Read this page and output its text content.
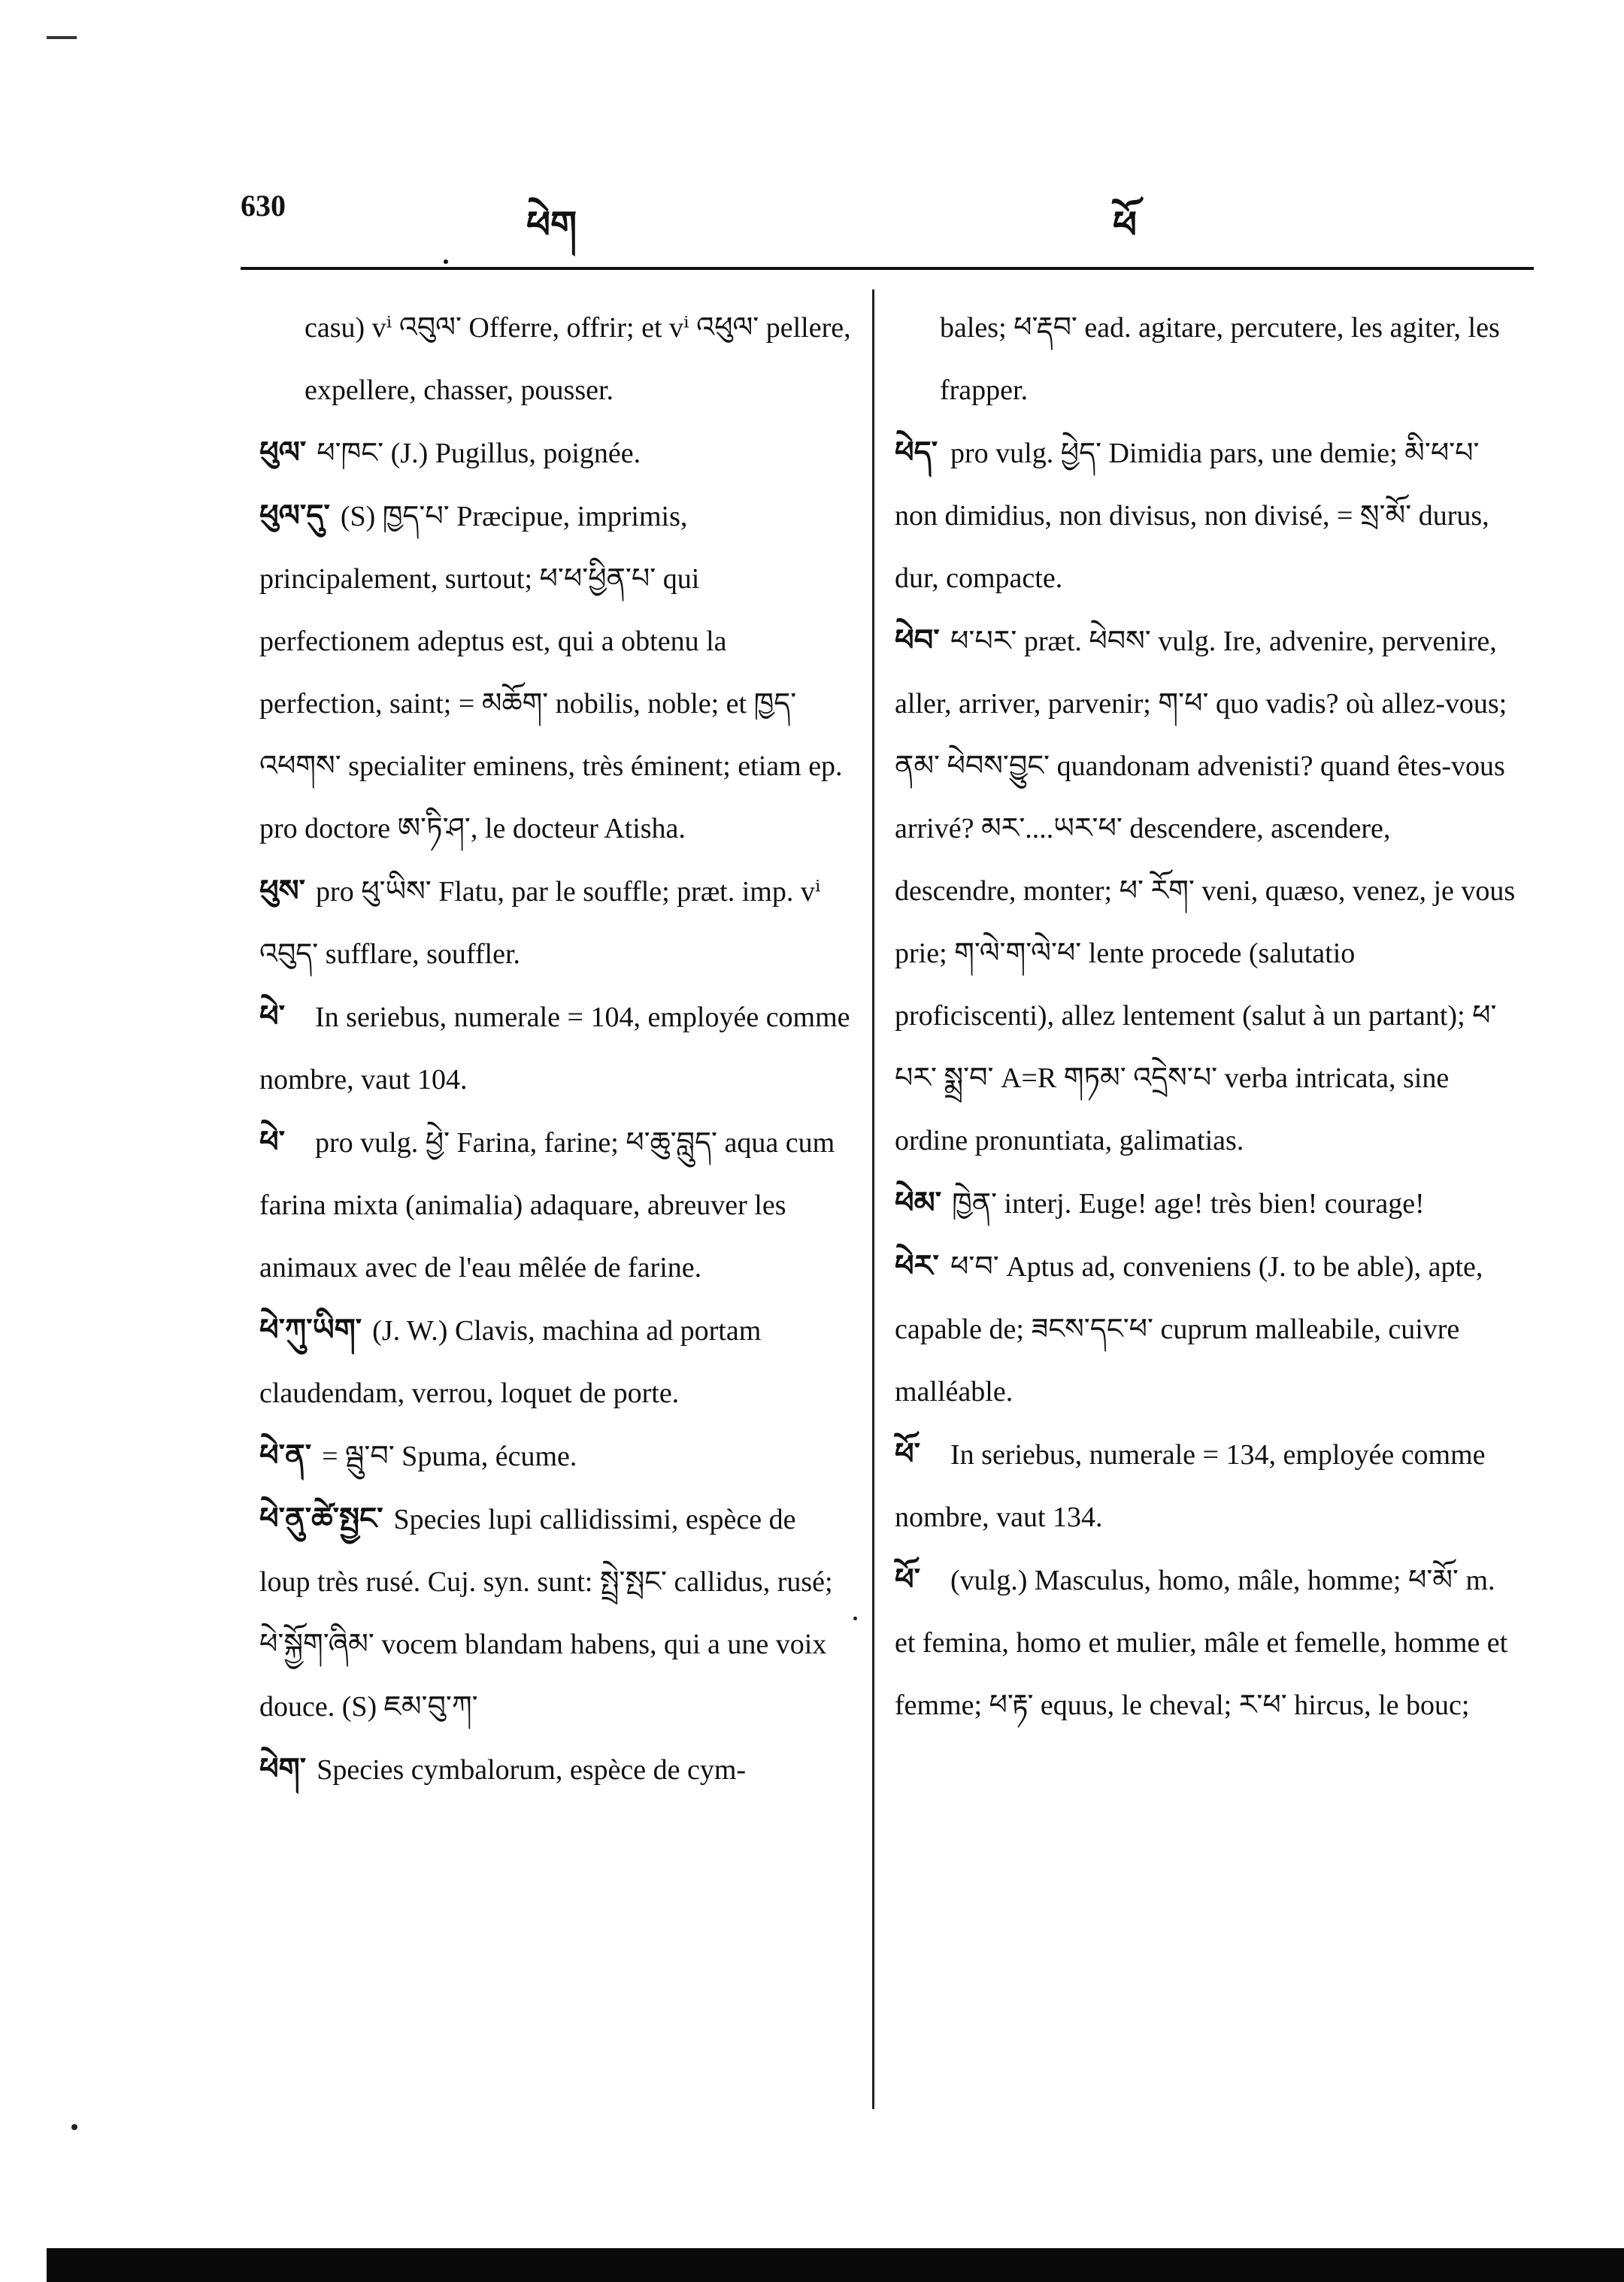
630	ཕེག	ཕོ

casu) vⁱ འབུལ་ Offerre, offrir; et vⁱ འཕུལ་ pellere, expellere, chasser, pousser.

ཕུལ་ ཕ་ཁང་ (J.) Pugillus, poignée.

ཕུལ་དུ་ (S) ཁྱད་པ་ Præcipue, imprimis, principalement, surtout; ཕ་ཕ་ཕྱིན་པ་ qui perfectionem adeptus est, qui a obtenu la perfection, saint; = མཆོག་ nobilis, noble; et ཁྱད་འཕགས་ specialiter eminens, très éminent; etiam ep. pro doctore ཨ་ཏི་ཤ་, le docteur Atisha.

ཕུས་ pro ཕུ་ཡིས་ Flatu, par le souffle; præt. imp. vⁱ འབུད་ sufflare, souffler.

ཕེ་ In seriebus, numerale = 104, employée comme nombre, vaut 104.

ཕེ་ pro vulg. ཕྱེ་ Farina, farine; ཕ་ཆུ་བླུད་ aqua cum farina mixta (animalia) adaquare, abreuver les animaux avec de l'eau mêlée de farine.

ཕེ་ཀུ་ཡིག་ (J. W.) Clavis, machina ad portam claudendam, verrou, loquet de porte.

ཕེ་ན་ = ལྦུ་བ་ Spuma, écume.

ཕེ་ནུ་ཚེ་སྤྱང་ Species lupi callidissimi, espèce de loup très rusé. Cuj. syn. sunt: སྤྲེ་སྤང་ callidus, rusé; ཕེ་སྐྱོག་ཞིམ་ vocem blandam habens, qui a une voix douce. (S) ཇམ་བུ་ཀ་

ཕེག་ Species cymbalorum, espèce de cym-

bales; ཕ་རྡབ་ ead. agitare, percutere, les agiter, les frapper.

ཕེད་ pro vulg. ཕྱེད་ Dimidia pars, une demie; མི་ཕ་པ་ non dimidius, non divisus, non divisé, = སྲ་མོ་ durus, dur, compacte.

ཕེབ་ ཕ་པར་ præt. ཕེབས་ vulg. Ire, advenire, pervenire, aller, arriver, parvenir; ག་ཕ་ quo vadis? où allez-vous; ནམ་ ཕེབས་བྱུང་ quandonam advenisti? quand êtes-vous arrivé? མར་....ཡར་ཕ་ descendere, ascendere, descendre, monter; ཕ་ རོག་ veni, quæso, venez, je vous prie; ག་ལེ་ག་ལེ་ཕ་ lente procede (salutatio proficiscenti), allez lentement (salut à un partant); ཕ་པར་ སྨྲ་བ་ A=R གཏམ་ འདྲེས་པ་ verba intricata, sine ordine pronuntiata, galimatias.

ཕེམ་ ཁྱེན་ interj. Euge! age! très bien! courage!

ཕེར་ ཕ་བ་ Aptus ad, conveniens (J. to be able), apte, capable de; ཟངས་དང་ཕ་ cuprum malleabile, cuivre malléable.

ཕོ་ In seriebus, numerale = 134, employée comme nombre, vaut 134.

ཕོ་ (vulg.) Masculus, homo, mâle, homme; ཕ་མོ་ m. et femina, homo et mulier, mâle et femelle, homme et femme; ཕ་རྟ་ equus, le cheval; ར་ཕ་ hircus, le bouc;
